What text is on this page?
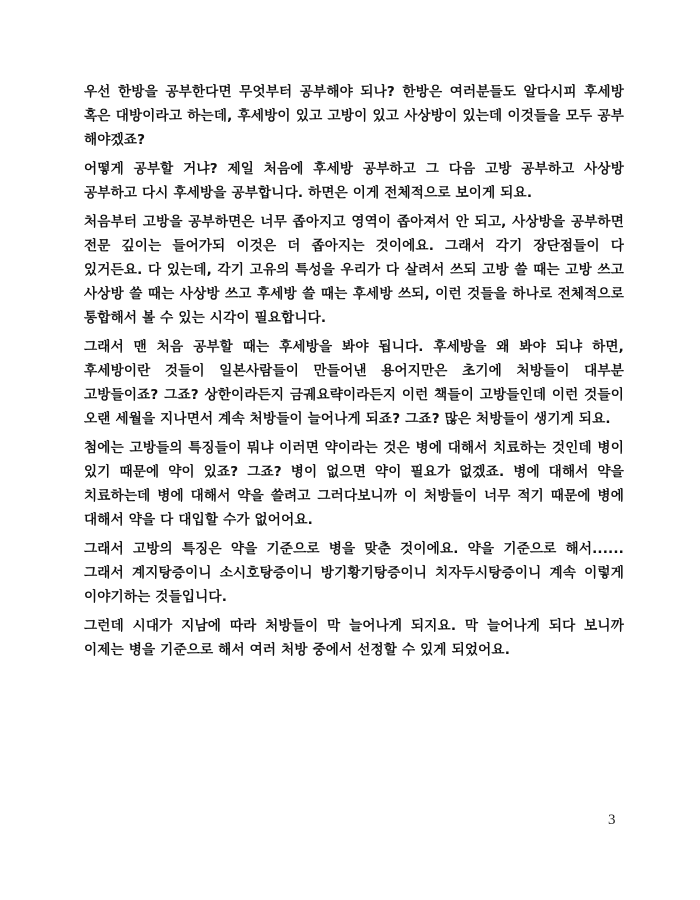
우선 한방을 공부한다면 무엇부터 공부해야 되나? 한방은 여러분들도 알다시피 후세방 혹은 대방이라고 하는데, 후세방이 있고 고방이 있고 사상방이 있는데 이것들을 모두 공부 해야겠죠?

어떻게 공부할 거냐? 제일 처음에 후세방 공부하고 그 다음 고방 공부하고 사상방 공부하고 다시 후세방을 공부합니다. 하면은 이게 전체적으로 보이게 되요.

처음부터 고방을 공부하면은 너무 좁아지고 영역이 좁아져서 안 되고, 사상방을 공부하면 전문 깊이는 들어가되 이것은 더 좁아지는 것이에요. 그래서 각기 장단점들이 다 있거든요. 다 있는데, 각기 고유의 특성을 우리가 다 살려서 쓰되 고방 쓸 때는 고방 쓰고 사상방 쓸 때는 사상방 쓰고 후세방 쓸 때는 후세방 쓰되, 이런 것들을 하나로 전체적으로 통합해서 볼 수 있는 시각이 필요합니다.

그래서 맨 처음 공부할 때는 후세방을 봐야 됩니다. 후세방을 왜 봐야 되냐 하면, 후세방이란 것들이 일본사람들이 만들어낸 용어지만은 초기에 처방들이 대부분 고방들이죠? 그죠? 상한이라든지 금궤요략이라든지 이런 책들이 고방들인데 이런 것들이 오랜 세월을 지나면서 계속 처방들이 늘어나게 되죠? 그죠? 많은 처방들이 생기게 되요.

첨에는 고방들의 특징들이 뭐냐 이러면 약이라는 것은 병에 대해서 치료하는 것인데 병이 있기 때문에 약이 있죠? 그죠? 병이 없으면 약이 필요가 없겠죠. 병에 대해서 약을 치료하는데 병에 대해서 약을 쓸려고 그러다보니까 이 처방들이 너무 적기 때문에 병에 대해서 약을 다 대입할 수가 없어어요.

그래서 고방의 특징은 약을 기준으로 병을 맞춘 것이에요. 약을 기준으로 해서...... 그래서 계지탕증이니 소시호탕증이니 방기황기탕증이니 치자두시탕증이니 계속 이렇게 이야기하는 것들입니다.

그런데 시대가 지남에 따라 처방들이 막 늘어나게 되지요. 막 늘어나게 되다 보니까 이제는 병을 기준으로 해서 여러 처방 중에서 선정할 수 있게 되었어요.

3
